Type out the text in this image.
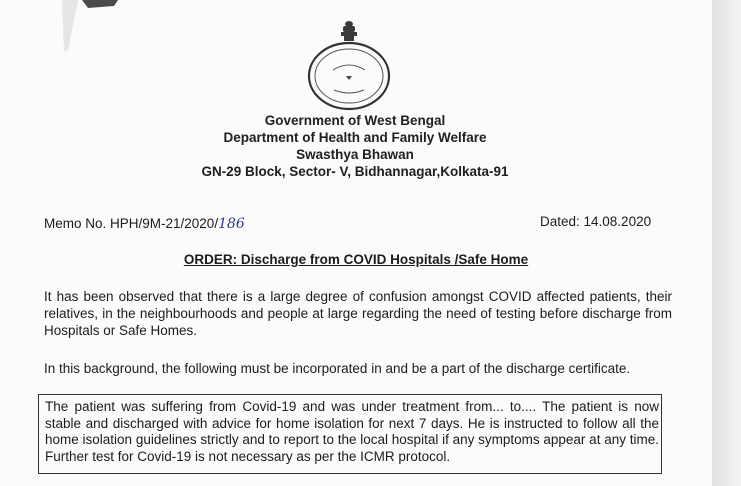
Government of West Bengal
Department of Health and Family Welfare
Swasthya Bhawan
GN-29 Block, Sector- V, Bidhannagar,Kolkata-91
Memo No. HPH/9M-21/2020/186	Dated: 14.08.2020
ORDER: Discharge from COVID Hospitals /Safe Home
It has been observed that there is a large degree of confusion amongst COVID affected patients, their relatives, in the neighbourhoods and people at large regarding the need of testing before discharge from Hospitals or Safe Homes.
In this background, the following must be incorporated in and be a part of the discharge certificate.
The patient was suffering from Covid-19 and was under treatment from... to.... The patient is now stable and discharged with advice for home isolation for next 7 days. He is instructed to follow all the home isolation guidelines strictly and to report to the local hospital if any symptoms appear at any time. Further test for Covid-19 is not necessary as per the ICMR protocol.
